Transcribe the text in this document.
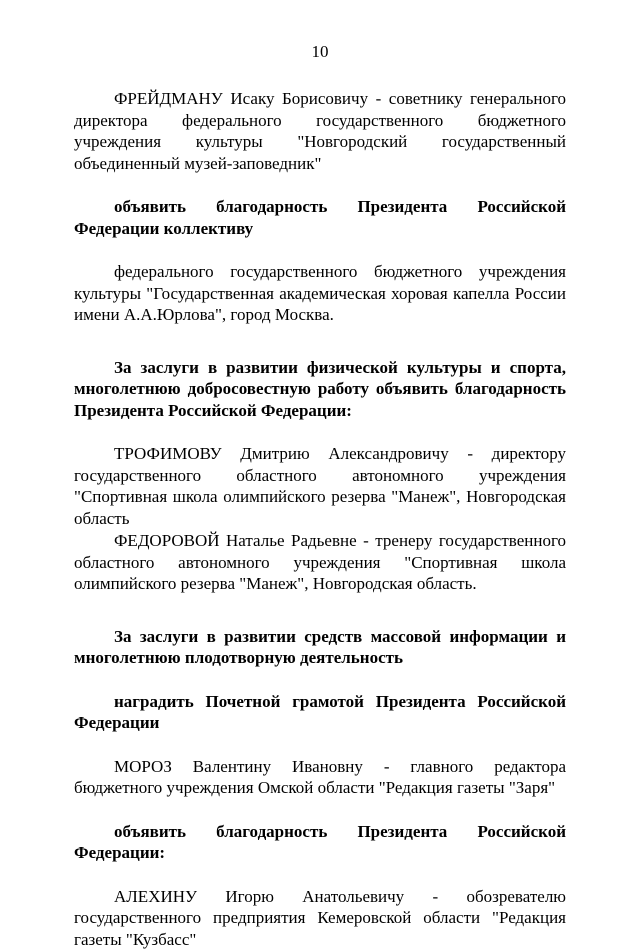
10

ФРЕЙДМАНУ Исаку Борисовичу - советнику генерального директора федерального государственного бюджетного учреждения культуры "Новгородский государственный объединенный музей-заповедник"

объявить благодарность Президента Российской Федерации коллективу

федерального государственного бюджетного учреждения культуры "Государственная академическая хоровая капелла России имени А.А.Юрлова", город Москва.

За заслуги в развитии физической культуры и спорта, многолетнюю добросовестную работу объявить благодарность Президента Российской Федерации:

ТРОФИМОВУ Дмитрию Александровичу - директору государственного областного автономного учреждения "Спортивная школа олимпийского резерва "Манеж", Новгородская область

ФЕДОРОВОЙ Наталье Радьевне - тренеру государственного областного автономного учреждения "Спортивная школа олимпийского резерва "Манеж", Новгородская область.

За заслуги в развитии средств массовой информации и многолетнюю плодотворную деятельность

наградить Почетной грамотой Президента Российской Федерации

МОРОЗ Валентину Ивановну - главного редактора бюджетного учреждения Омской области "Редакция газеты "Заря"

объявить благодарность Президента Российской Федерации:

АЛЕХИНУ Игорю Анатольевичу - обозревателю государственного предприятия Кемеровской области "Редакция газеты "Кузбасс"
